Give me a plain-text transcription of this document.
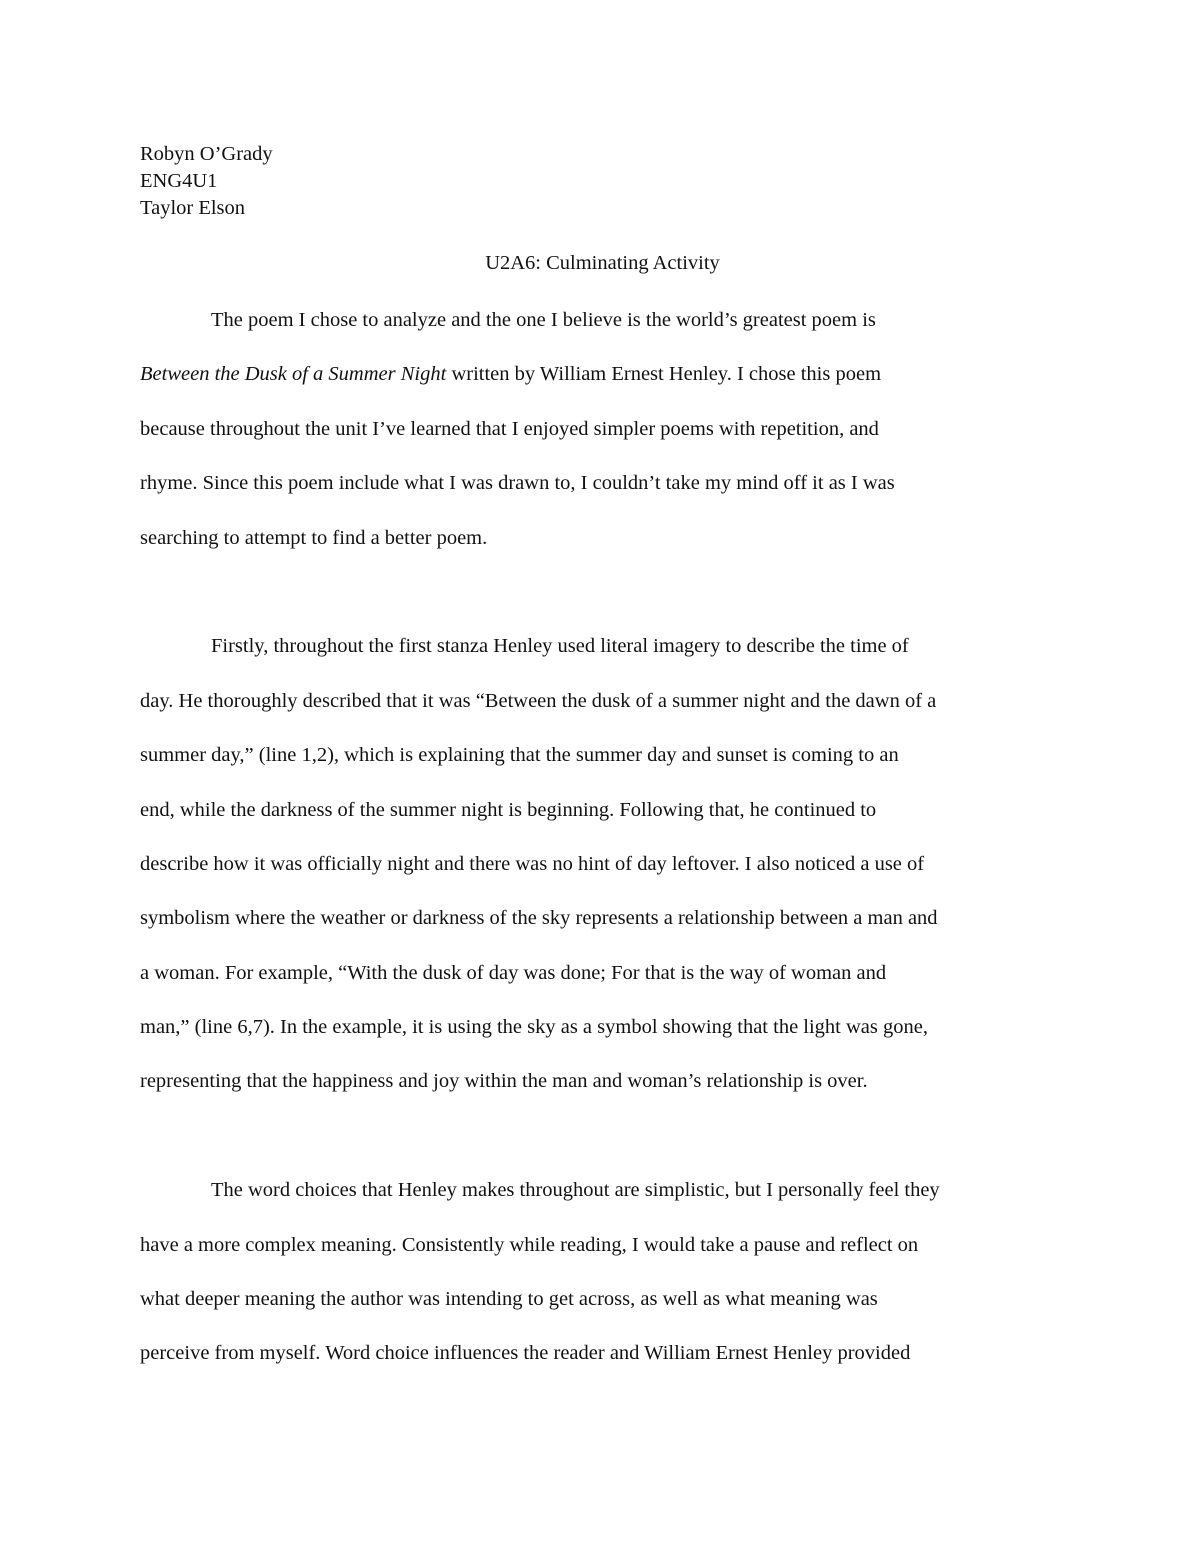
Robyn O’Grady
ENG4U1
Taylor Elson
U2A6: Culminating Activity
The poem I chose to analyze and the one I believe is the world’s greatest poem is
Between the Dusk of a Summer Night written by William Ernest Henley. I chose this poem
because throughout the unit I’ve learned that I enjoyed simpler poems with repetition, and
rhyme. Since this poem include what I was drawn to, I couldn’t take my mind off it as I was
searching to attempt to find a better poem.
Firstly, throughout the first stanza Henley used literal imagery to describe the time of
day. He thoroughly described that it was “Between the dusk of a summer night and the dawn of a
summer day,” (line 1,2), which is explaining that the summer day and sunset is coming to an
end, while the darkness of the summer night is beginning. Following that, he continued to
describe how it was officially night and there was no hint of day leftover. I also noticed a use of
symbolism where the weather or darkness of the sky represents a relationship between a man and
a woman. For example, “With the dusk of day was done; For that is the way of woman and
man,” (line 6,7). In the example, it is using the sky as a symbol showing that the light was gone,
representing that the happiness and joy within the man and woman’s relationship is over.
The word choices that Henley makes throughout are simplistic, but I personally feel they
have a more complex meaning. Consistently while reading, I would take a pause and reflect on
what deeper meaning the author was intending to get across, as well as what meaning was
perceive from myself. Word choice influences the reader and William Ernest Henley provided
